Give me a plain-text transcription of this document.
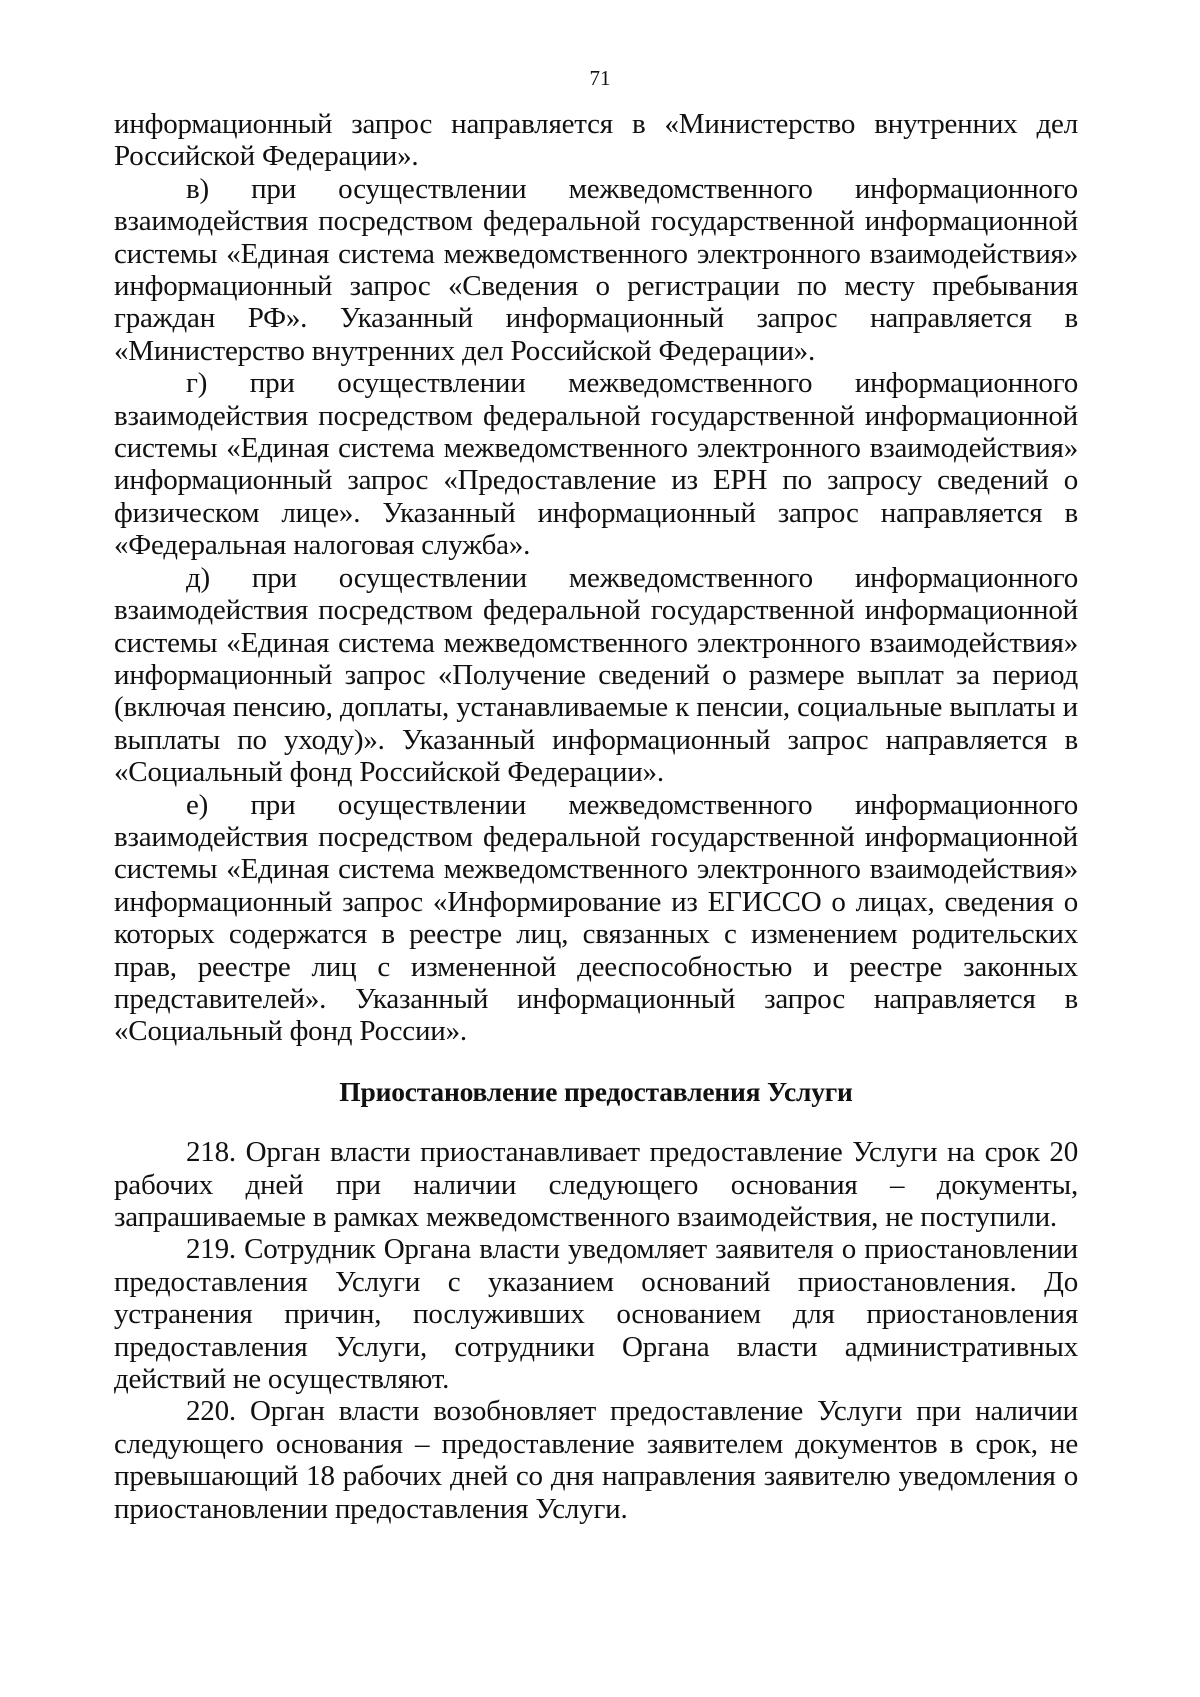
71

информационный запрос направляется в «Министерство внутренних дел Российской Федерации».

в) при осуществлении межведомственного информационного взаимодействия посредством федеральной государственной информационной системы «Единая система межведомственного электронного взаимодействия» информационный запрос «Сведения о регистрации по месту пребывания граждан РФ». Указанный информационный запрос направляется в «Министерство внутренних дел Российской Федерации».

г) при осуществлении межведомственного информационного взаимодействия посредством федеральной государственной информационной системы «Единая система межведомственного электронного взаимодействия» информационный запрос «Предоставление из ЕРН по запросу сведений о физическом лице». Указанный информационный запрос направляется в «Федеральная налоговая служба».

д) при осуществлении межведомственного информационного взаимодействия посредством федеральной государственной информационной системы «Единая система межведомственного электронного взаимодействия» информационный запрос «Получение сведений о размере выплат за период (включая пенсию, доплаты, устанавливаемые к пенсии, социальные выплаты и выплаты по уходу)». Указанный информационный запрос направляется в «Социальный фонд Российской Федерации».

е) при осуществлении межведомственного информационного взаимодействия посредством федеральной государственной информационной системы «Единая система межведомственного электронного взаимодействия» информационный запрос «Информирование из ЕГИССО о лицах, сведения о которых содержатся в реестре лиц, связанных с изменением родительских прав, реестре лиц с измененной дееспособностью и реестре законных представителей». Указанный информационный запрос направляется в «Социальный фонд России».

Приостановление предоставления Услуги

218. Орган власти приостанавливает предоставление Услуги на срок 20 рабочих дней при наличии следующего основания – документы, запрашиваемые в рамках межведомственного взаимодействия, не поступили.

219. Сотрудник Органа власти уведомляет заявителя о приостановлении предоставления Услуги с указанием оснований приостановления. До устранения причин, послуживших основанием для приостановления предоставления Услуги, сотрудники Органа власти административных действий не осуществляют.

220. Орган власти возобновляет предоставление Услуги при наличии следующего основания – предоставление заявителем документов в срок, не превышающий 18 рабочих дней со дня направления заявителю уведомления о приостановлении предоставления Услуги.
